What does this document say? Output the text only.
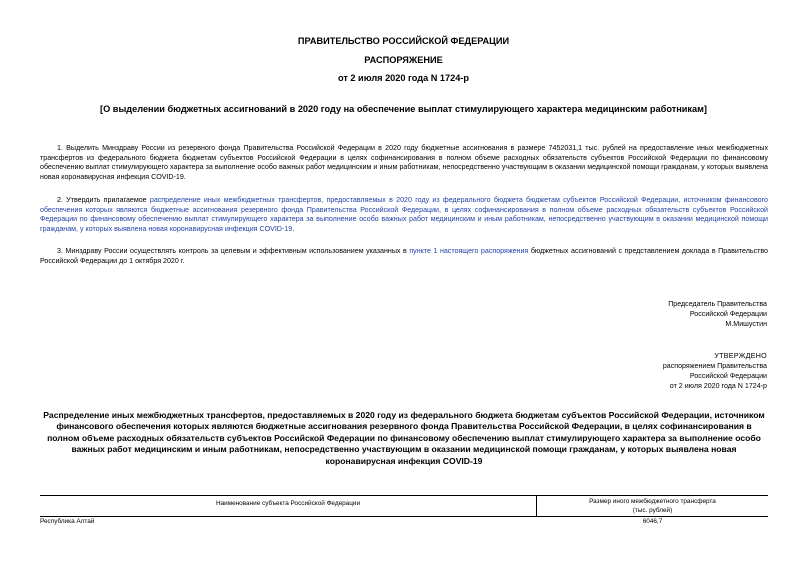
ПРАВИТЕЛЬСТВО РОССИЙСКОЙ ФЕДЕРАЦИИ
РАСПОРЯЖЕНИЕ
от 2 июля 2020 года N 1724-р
[О выделении бюджетных ассигнований в 2020 году на обеспечение выплат стимулирующего характера медицинским работникам]
1. Выделить Минздраву России из резервного фонда Правительства Российской Федерации в 2020 году бюджетные ассигнования в размере 7452031,1 тыс. рублей на предоставление иных межбюджетных трансфертов из федерального бюджета бюджетам субъектов Российской Федерации в целях софинансирования в полном объеме расходных обязательств субъектов Российской Федерации по финансовому обеспечению выплат стимулирующего характера за выполнение особо важных работ медицинским и иным работникам, непосредственно участвующим в оказании медицинской помощи гражданам, у которых выявлена новая коронавирусная инфекция COVID-19.
2. Утвердить прилагаемое распределение иных межбюджетных трансфертов, предоставляемых в 2020 году из федерального бюджета бюджетам субъектов Российской Федерации, источником финансового обеспечения которых являются бюджетные ассигнования резервного фонда Правительства Российской Федерации, в целях софинансирования в полном объеме расходных обязательств субъектов Российской Федерации по финансовому обеспечению выплат стимулирующего характера за выполнение особо важных работ медицинским и иным работникам, непосредственно участвующим в оказании медицинской помощи гражданам, у которых выявлена новая коронавирусная инфекция COVID-19.
3. Минздраву России осуществлять контроль за целевым и эффективным использованием указанных в пункте 1 настоящего распоряжения бюджетных ассигнований с представлением доклада в Правительство Российской Федерации до 1 октября 2020 г.
Председатель Правительства
Российской Федерации
М.Мишустин
УТВЕРЖДЕНО
распоряжением Правительства
Российской Федерации
от 2 июля 2020 года N 1724-р
Распределение иных межбюджетных трансфертов, предоставляемых в 2020 году из федерального бюджета бюджетам субъектов Российской Федерации, источником финансового обеспечения которых являются бюджетные ассигнования резервного фонда Правительства Российской Федерации, в целях софинансирования в полном объеме расходных обязательств субъектов Российской Федерации по финансовому обеспечению выплат стимулирующего характера за выполнение особо важных работ медицинским и иным работникам, непосредственно участвующим в оказании медицинской помощи гражданам, у которых выявлена новая коронавирусная инфекция COVID-19
Наименование субъекта Российской Федерации	Размер иного межбюджетного трансферта
(тыс. рублей)
Республика Алтай	6046,7
